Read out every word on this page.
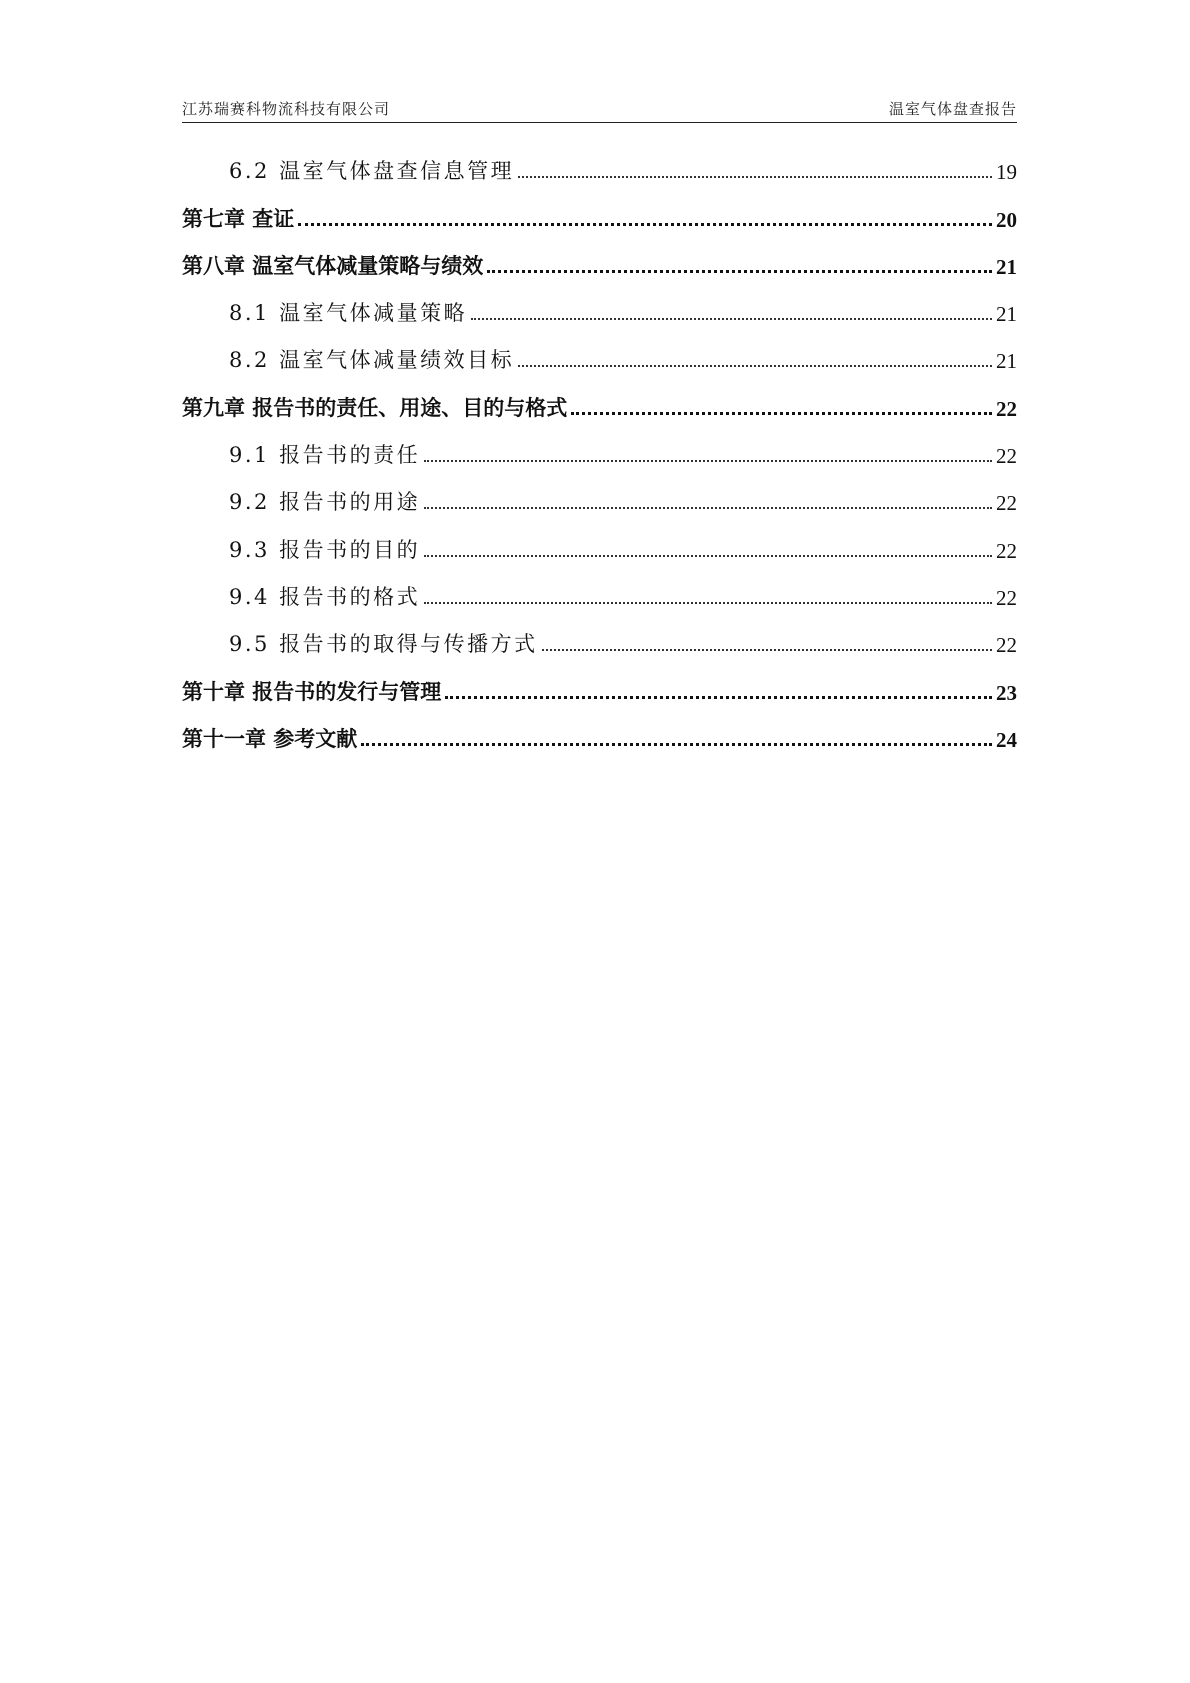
江苏瑞赛科物流科技有限公司	温室气体盘查报告
6.2 温室气体盘查信息管理	19
第七章 查证	20
第八章 温室气体减量策略与绩效	21
8.1 温室气体减量策略	21
8.2 温室气体减量绩效目标	21
第九章 报告书的责任、用途、目的与格式	22
9.1 报告书的责任	22
9.2 报告书的用途	22
9.3 报告书的目的	22
9.4 报告书的格式	22
9.5 报告书的取得与传播方式	22
第十章 报告书的发行与管理	23
第十一章 参考文献	24
